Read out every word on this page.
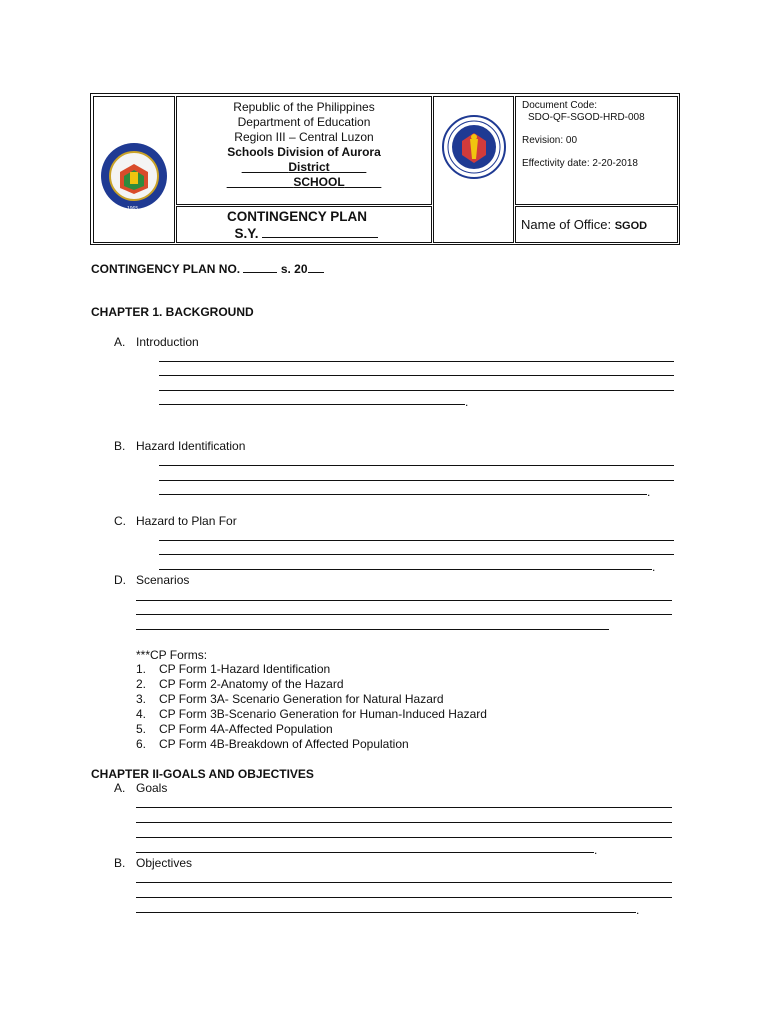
1965
Republic of the Philippines
Department of Education
Region III – Central Luzon
Schools Division of Aurora
District
SCHOOL
CONTINGENCY PLAN
S.Y.
Document Code:
SDO-QF-SGOD-HRD-008
Revision: 00
Effectivity date: 2-20-2018
Name of Office: SGOD
CONTINGENCY PLAN NO.	s. 20
CHAPTER 1. BACKGROUND
A. Introduction
.
B. Hazard Identification
.
C. Hazard to Plan For
.
D. Scenarios
***CP Forms:
1. CP Form 1-Hazard Identification
2. CP Form 2-Anatomy of the Hazard
3. CP Form 3A- Scenario Generation for Natural Hazard
4. CP Form 3B-Scenario Generation for Human-Induced Hazard
5. CP Form 4A-Affected Population
6. CP Form 4B-Breakdown of Affected Population
CHAPTER II-GOALS AND OBJECTIVES
A. Goals
.
B. Objectives
.
